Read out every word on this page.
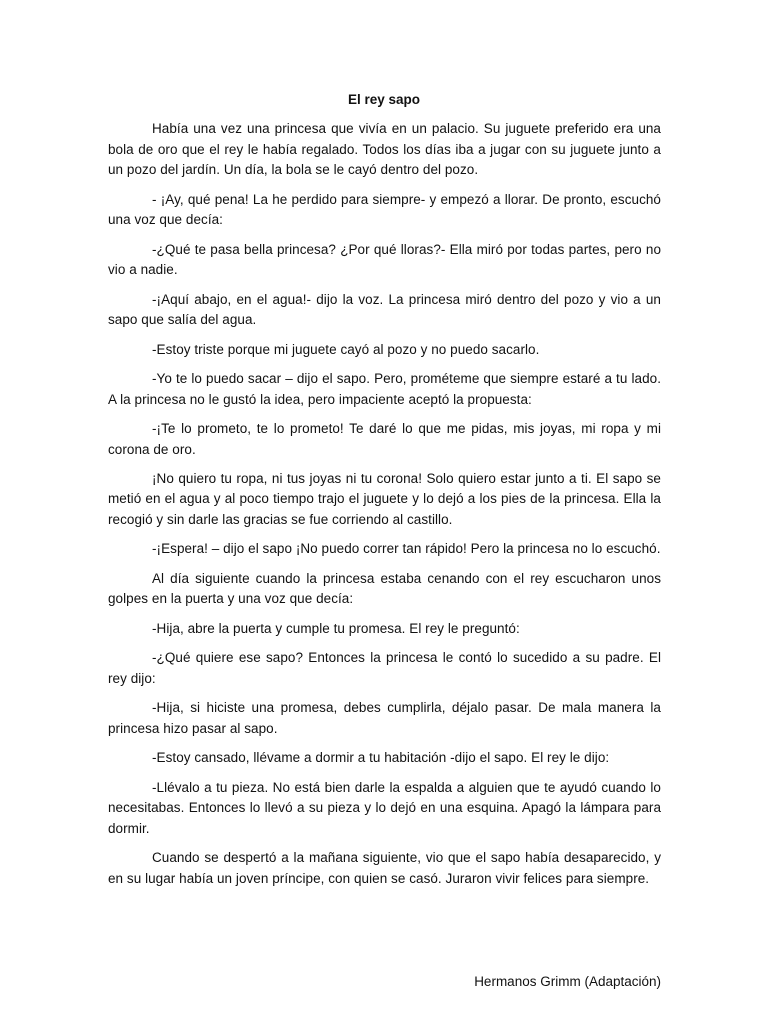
El rey sapo

Había una vez una princesa que vivía en un palacio. Su juguete preferido era una bola de oro que el rey le había regalado. Todos los días iba a jugar con su juguete junto a un pozo del jardín. Un día, la bola se le cayó dentro del pozo.

- ¡Ay, qué pena! La he perdido para siempre- y empezó a llorar. De pronto, escuchó una voz que decía:

-¿Qué te pasa bella princesa? ¿Por qué lloras?- Ella miró por todas partes, pero no vio a nadie.

-¡Aquí abajo, en el agua!- dijo la voz. La princesa miró dentro del pozo y vio a un sapo que salía del agua.

-Estoy triste porque mi juguete cayó al pozo y no puedo sacarlo.

-Yo te lo puedo sacar – dijo el sapo. Pero, prométeme que siempre estaré a tu lado. A la princesa no le gustó la idea, pero impaciente aceptó la propuesta:

-¡Te lo prometo, te lo prometo! Te daré lo que me pidas, mis joyas, mi ropa y mi corona de oro.

¡No quiero tu ropa, ni tus joyas ni tu corona! Solo quiero estar junto a ti. El sapo se metió en el agua y al poco tiempo trajo el juguete y lo dejó a los pies de la princesa. Ella la recogió y sin darle las gracias se fue corriendo al castillo.

-¡Espera! – dijo el sapo ¡No puedo correr tan rápido! Pero la princesa no lo escuchó.

Al día siguiente cuando la princesa estaba cenando con el rey escucharon unos golpes en la puerta y una voz que decía:

-Hija, abre la puerta y cumple tu promesa. El rey le preguntó:

-¿Qué quiere ese sapo? Entonces la princesa le contó lo sucedido a su padre. El rey dijo:

-Hija, si hiciste una promesa, debes cumplirla, déjalo pasar. De mala manera la princesa hizo pasar al sapo.

-Estoy cansado, llévame a dormir a tu habitación -dijo el sapo. El rey le dijo:

-Llévalo a tu pieza. No está bien darle la espalda a alguien que te ayudó cuando lo necesitabas. Entonces lo llevó a su pieza y lo dejó en una esquina. Apagó la lámpara para dormir.

Cuando se despertó a la mañana siguiente, vio que el sapo había desaparecido, y en su lugar había un joven príncipe, con quien se casó. Juraron vivir felices para siempre.

Hermanos Grimm (Adaptación)
